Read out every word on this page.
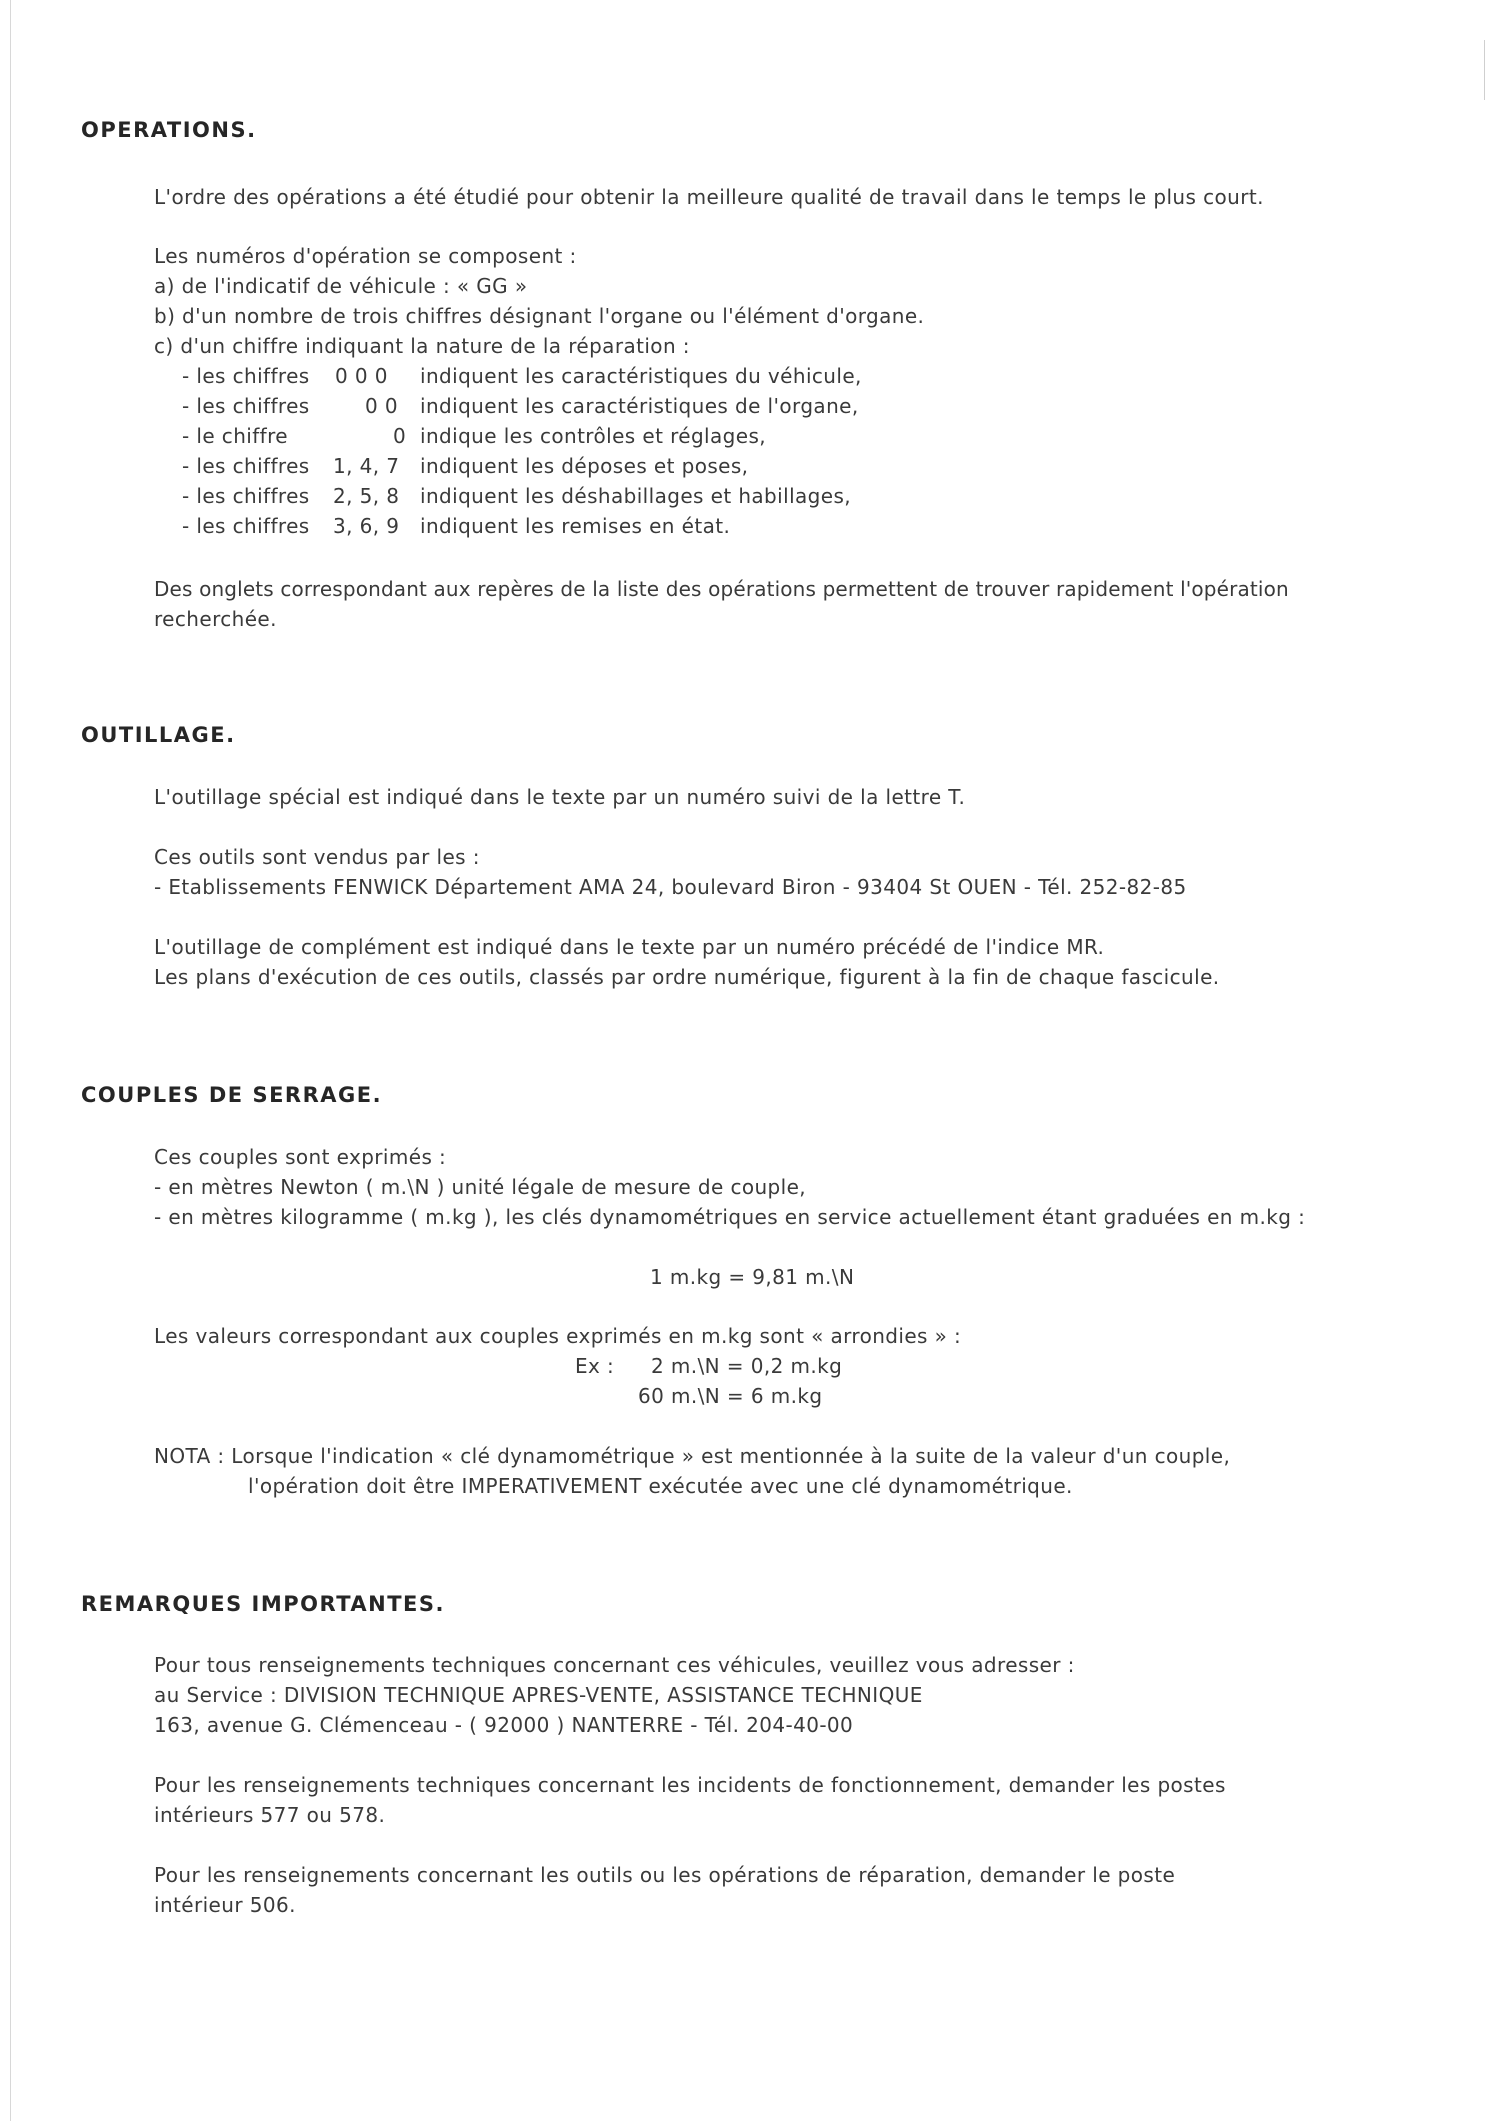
OPERATIONS.

L'ordre des opérations a été étudié pour obtenir la meilleure qualité de travail dans le temps le plus court.

Les numéros d'opération se composent :

a) de l'indicatif de véhicule : « GG »

b) d'un nombre de trois chiffres désignant l'organe ou l'élément d'organe.

c) d'un chiffre indiquant la nature de la réparation :

- les chiffres 0 0 0 indiquent les caractéristiques du véhicule,
- les chiffres	0 0 indiquent les caractéristiques de l'organe,
- le chiffre	0 indique les contrôles et réglages,
- les chiffres 1, 4, 7 indiquent les déposes et poses,
- les chiffres 2, 5, 8 indiquent les déshabillages et habillages,
- les chiffres 3, 6, 9 indiquent les remises en état.

Des onglets correspondant aux repères de la liste des opérations permettent de trouver rapidement l'opération

recherchée.

OUTILLAGE.

L'outillage spécial est indiqué dans le texte par un numéro suivi de la lettre T.

Ces outils sont vendus par les :

- Etablissements FENWICK Département AMA 24, boulevard Biron - 93404 St OUEN - Tél. 252-82-85

L'outillage de complément est indiqué dans le texte par un numéro précédé de l'indice MR.

Les plans d'exécution de ces outils, classés par ordre numérique, figurent à la fin de chaque fascicule.

COUPLES DE SERRAGE.

Ces couples sont exprimés :

- en mètres Newton ( m.\N ) unité légale de mesure de couple,

- en mètres kilogramme ( m.kg ), les clés dynamométriques en service actuellement étant graduées en m.kg :

1 m.kg = 9,81 m.\N

Les valeurs correspondant aux couples exprimés en m.kg sont « arrondies » :

Ex : 2 m.\N = 0,2 m.kg
60 m.\N = 6 m.kg

NOTA : Lorsque l'indication « clé dynamométrique » est mentionnée à la suite de la valeur d'un couple,

l'opération doit être IMPERATIVEMENT exécutée avec une clé dynamométrique.

REMARQUES IMPORTANTES.

Pour tous renseignements techniques concernant ces véhicules, veuillez vous adresser :

au Service : DIVISION TECHNIQUE APRES-VENTE, ASSISTANCE TECHNIQUE

163, avenue G. Clémenceau - ( 92000 ) NANTERRE - Tél. 204-40-00

Pour les renseignements techniques concernant les incidents de fonctionnement, demander les postes

intérieurs 577 ou 578.

Pour les renseignements concernant les outils ou les opérations de réparation, demander le poste

intérieur 506.
